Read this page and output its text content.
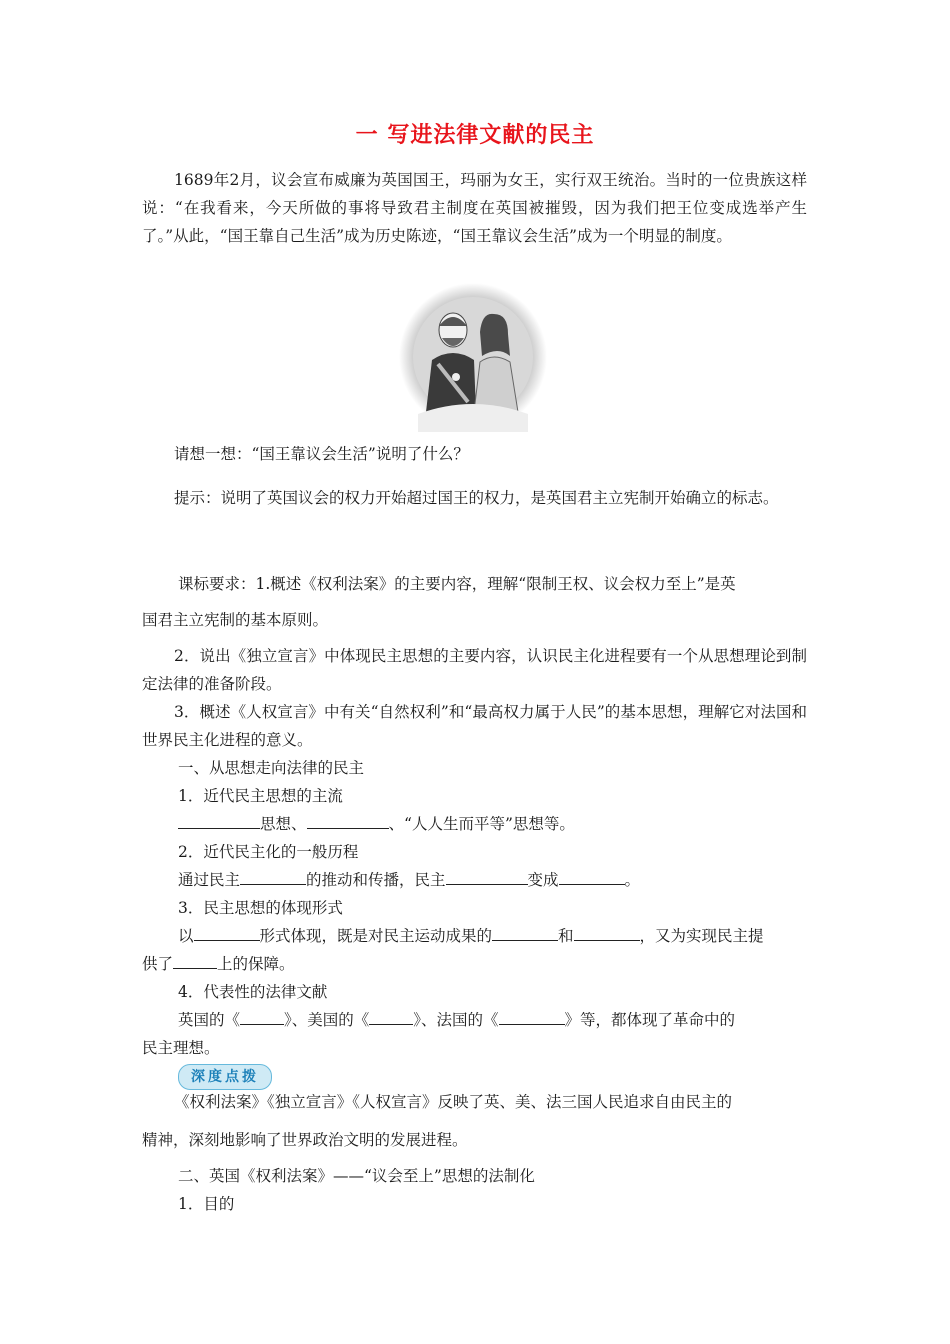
一 写进法律文献的民主
1689年2月，议会宣布威廉为英国国王，玛丽为女王，实行双王统治。当时的一位贵族这样说：“在我看来，今天所做的事将导致君主制度在英国被摧毁，因为我们把王位变成选举产生了。”从此，“国王靠自己生活”成为历史陈迹，“国王靠议会生活”成为一个明显的制度。
请想一想：“国王靠议会生活”说明了什么？
提示：说明了英国议会的权力开始超过国王的权力，是英国君主立宪制开始确立的标志。
课标要求：1.概述《权利法案》的主要内容，理解“限制王权、议会权力至上”是英
国君主立宪制的基本原则。
2．说出《独立宣言》中体现民主思想的主要内容，认识民主化进程要有一个从思想理论到制定法律的准备阶段。
3．概述《人权宣言》中有关“自然权利”和“最高权力属于人民”的基本思想，理解它对法国和世界民主化进程的意义。
一、从思想走向法律的民主
1．近代民主思想的主流
思想、	、“人人生而平等”思想等。
2．近代民主化的一般历程
通过民主	的推动和传播，民主	变成	。
3．民主思想的体现形式
以	形式体现，既是对民主运动成果的	和	，又为实现民主提
供了	上的保障。
4．代表性的法律文献
英国的《	》、美国的《	》、法国的《	》等，都体现了革命中的
民主理想。
深度点拨
《权利法案》《独立宣言》《人权宣言》反映了英、美、法三国人民追求自由民主的
精神，深刻地影响了世界政治文明的发展进程。
二、英国《权利法案》——“议会至上”思想的法制化
1．目的
